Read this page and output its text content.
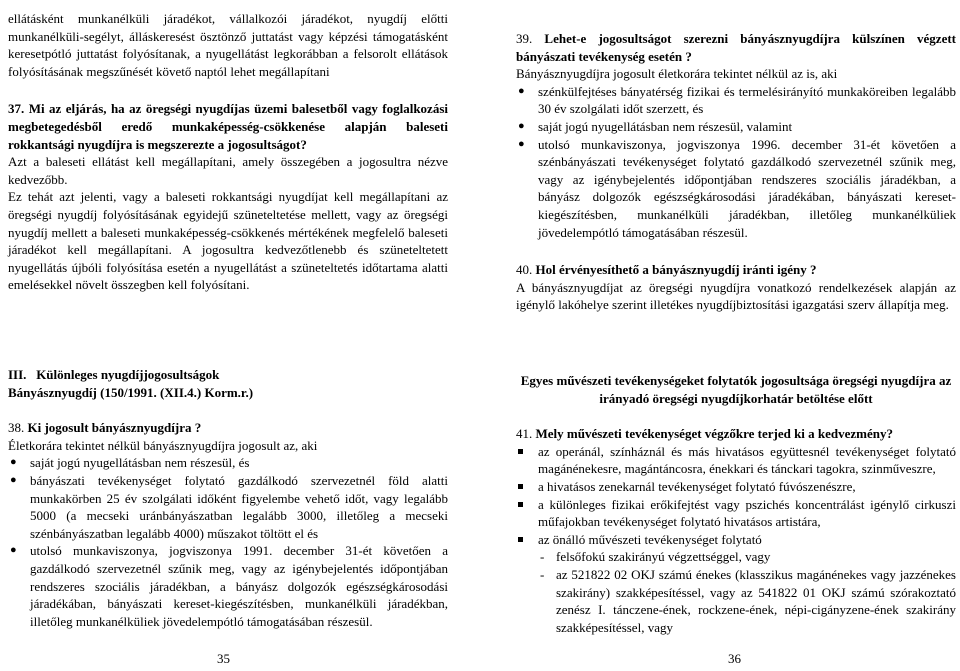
ellátásként munkanélküli járadékot, vállalkozói járadékot, nyugdíj előtti munkanélküli-segélyt, álláskeresést ösztönző juttatást vagy képzési támogatásként keresetpótló juttatást folyósítanak, a nyugellátást legkorábban a felsorolt ellátások folyósításának megszűnését követő naptól lehet megállapítani

37. Mi az eljárás, ha az öregségi nyugdíjas üzemi balesetből vagy foglalkozási megbetegedésből eredő munkaképesség-csökkenése alapján baleseti rokkantsági nyugdíjra is megszerezte a jogosultságot?

Azt a baleseti ellátást kell megállapítani, amely összegében a jogosultra nézve kedvezőbb.

Ez tehát azt jelenti, vagy a baleseti rokkantsági nyugdíjat kell megállapítani az öregségi nyugdíj folyósításának egyidejű szüneteltetése mellett, vagy az öregségi nyugdíj mellett a baleseti munkaképesség-csökkenés mértékének megfelelő baleseti járadékot kell megállapítani. A jogosultra kedvezőtlenebb és szüneteltetett nyugellátás újbóli folyósítása esetén a nyugellátást a szüneteltetés időtartama alatti emelésekkel növelt összegben kell folyósítani.

39. Lehet-e jogosultságot szerezni bányásznyugdíjra külszínen végzett bányászati tevékenység esetén ?

Bányásznyugdíjra jogosult életkorára tekintet nélkül az is, aki

● szénkülfejtéses bányatérség fizikai és termelésirányító munkaköreiben legalább 30 év szolgálati időt szerzett, és
● saját jogú nyugellátásban nem részesül, valamint
● utolsó munkaviszonya, jogviszonya 1996. december 31-ét követően a szénbányászati tevékenységet folytató gazdálkodó szervezetnél szűnik meg, vagy az igénybejelentés időpontjában rendszeres szociális járadékban, a bányász dolgozók egészségkárosodási járadékában, bányászati kereset-kiegészítésben, munkanélküli járadékban, illetőleg munkanélküliek jövedelempótló támogatásában részesül.

40. Hol érvényesíthető a bányásznyugdíj iránti igény ?

A bányásznyugdíjat az öregségi nyugdíjra vonatkozó rendelkezések alapján az igénylő lakóhelye szerint illetékes nyugdíjbiztosítási igazgatási szerv állapítja meg.

III. Különleges nyugdíjjogosultságok

Bányásznyugdíj (150/1991. (XII.4.) Korm.r.)

38. Ki jogosult bányásznyugdíjra ?

Életkorára tekintet nélkül bányásznyugdíjra jogosult az, aki

● saját jogú nyugellátásban nem részesül, és
● bányászati tevékenységet folytató gazdálkodó szervezetnél föld alatti munkakörben 25 év szolgálati időként figyelembe vehető időt, vagy legalább 5000 (a mecseki uránbányászatban legalább 3000, illetőleg a mecseki szénbányászatban legalább 4000) műszakot töltött el és
● utolsó munkaviszonya, jogviszonya 1991. december 31-ét követően a gazdálkodó szervezetnél szűnik meg, vagy az igénybejelentés időpontjában rendszeres szociális járadékban, a bányász dolgozók egészségkárosodási járadékában, bányászati kereset-kiegészítésben, munkanélküli járadékban, illetőleg munkanélküliek jövedelempótló támogatásában részesül.

Egyes művészeti tevékenységeket folytatók jogosultsága öregségi nyugdíjra az irányadó öregségi nyugdíjkorhatár betöltése előtt

41. Mely művészeti tevékenységet végzőkre terjed ki a kedvezmény?

az operánál, színháznál és más hivatásos együttesnél tevékenységet folytató magánénekesre, magántáncosra, énekkari és tánckari tagokra, szinműveszre,
a hivatásos zenekarnál tevékenységet folytató fúvószenészre,
a különleges fizikai erőkifejtést vagy pszichés koncentrálást igénylő cirkuszi műfajokban tevékenységet folytató hivatásos artistára,
az önálló művészeti tevékenységet folytató
- felsőfokú szakirányú végzettséggel, vagy
- az 521822 02 OKJ számú énekes (klasszikus magánénekes vagy jazzénekes szakirány) szakképesítéssel, vagy az 541822 01 OKJ számú szórakoztató zenész I. tánczene-ének, rockzene-ének, népi-cigányzene-ének szakirány szakképesítéssel, vagy
35	36
